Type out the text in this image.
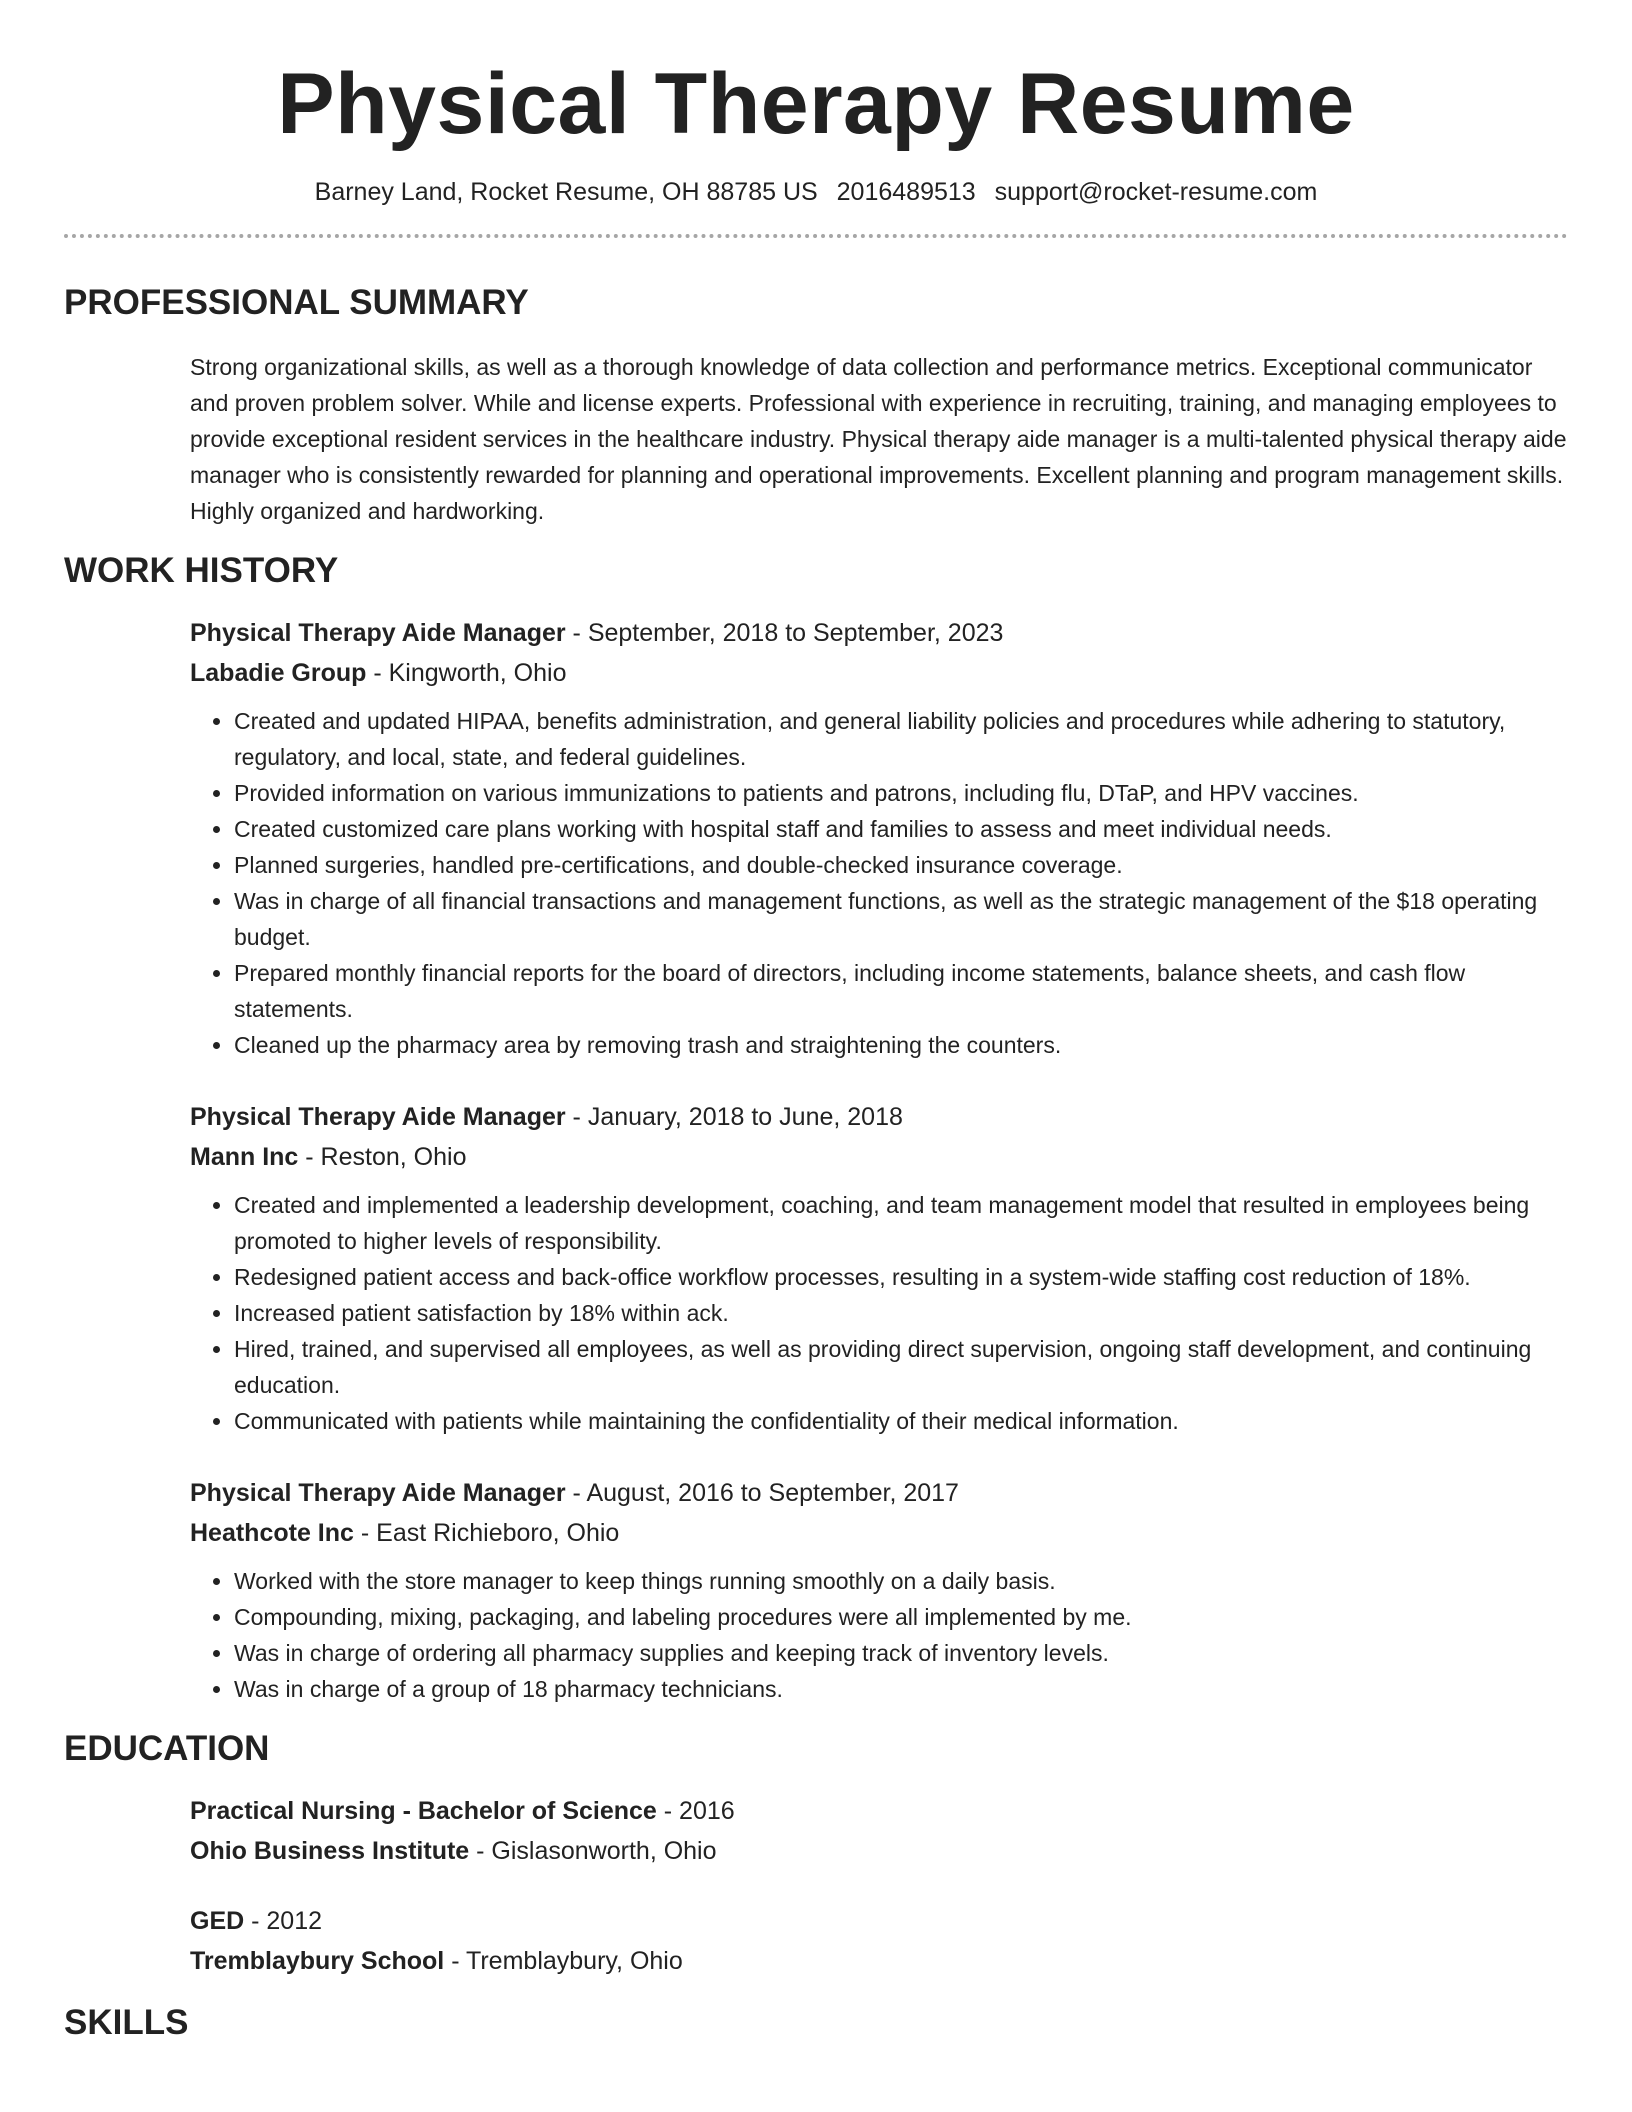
Physical Therapy Resume
Barney Land, Rocket Resume, OH 88785 US 2016489513 support@rocket-resume.com
PROFESSIONAL SUMMARY
Strong organizational skills, as well as a thorough knowledge of data collection and performance metrics. Exceptional communicator and proven problem solver. While and license experts. Professional with experience in recruiting, training, and managing employees to provide exceptional resident services in the healthcare industry. Physical therapy aide manager is a multi-talented physical therapy aide manager who is consistently rewarded for planning and operational improvements. Excellent planning and program management skills. Highly organized and hardworking.
WORK HISTORY
Physical Therapy Aide Manager - September, 2018 to September, 2023
Labadie Group - Kingworth, Ohio
• Created and updated HIPAA, benefits administration, and general liability policies and procedures while adhering to statutory, regulatory, and local, state, and federal guidelines.
• Provided information on various immunizations to patients and patrons, including flu, DTaP, and HPV vaccines.
• Created customized care plans working with hospital staff and families to assess and meet individual needs.
• Planned surgeries, handled pre-certifications, and double-checked insurance coverage.
• Was in charge of all financial transactions and management functions, as well as the strategic management of the $18 operating budget.
• Prepared monthly financial reports for the board of directors, including income statements, balance sheets, and cash flow statements.
• Cleaned up the pharmacy area by removing trash and straightening the counters.
Physical Therapy Aide Manager - January, 2018 to June, 2018
Mann Inc - Reston, Ohio
• Created and implemented a leadership development, coaching, and team management model that resulted in employees being promoted to higher levels of responsibility.
• Redesigned patient access and back-office workflow processes, resulting in a system-wide staffing cost reduction of 18%.
• Increased patient satisfaction by 18% within ack.
• Hired, trained, and supervised all employees, as well as providing direct supervision, ongoing staff development, and continuing education.
• Communicated with patients while maintaining the confidentiality of their medical information.
Physical Therapy Aide Manager - August, 2016 to September, 2017
Heathcote Inc - East Richieboro, Ohio
• Worked with the store manager to keep things running smoothly on a daily basis.
• Compounding, mixing, packaging, and labeling procedures were all implemented by me.
• Was in charge of ordering all pharmacy supplies and keeping track of inventory levels.
• Was in charge of a group of 18 pharmacy technicians.
EDUCATION
Practical Nursing - Bachelor of Science - 2016
Ohio Business Institute - Gislasonworth, Ohio
GED - 2012
Tremblaybury School - Tremblaybury, Ohio
SKILLS
